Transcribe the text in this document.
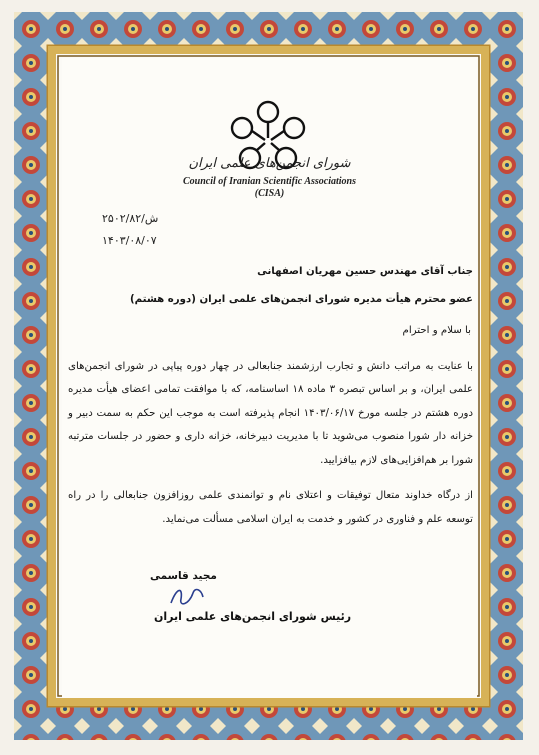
شورای انجمن‌های علمی ایران
Council of Iranian Scientific Associations
(CISA)
۲۵۰۲/ش/۸۲
۱۴۰۳/۰۸/۰۷

جناب آقای مهندس حسین مهریان اصفهانی

عضو محترم هیأت مدیره شورای انجمن‌های علمی ایران (دوره هشتم)

با سلام و احترام

با عنایت به مراتب دانش و تجارب ارزشمند جنابعالی در چهار دوره پیاپی در شورای انجمن‌های علمی ایران، و بر اساس تبصره ۳ ماده ۱۸ اساسنامه، که با موافقت تمامی اعضای هیأت مدیره دوره هشتم در جلسه مورخ ۱۴۰۳/۰۶/۱۷ انجام پذیرفته است به موجب این حکم به سمت دبیر و خزانه دار شورا منصوب می‌شوید تا با مدیریت دبیرخانه، خزانه داری و حضور در جلسات مترتبه شورا بر هم‌افزایی‌های لازم بیافزایید.

از درگاه خداوند متعال توفیقات و اعتلای نام و توانمندی علمی روزافزون جنابعالی را در راه توسعه علم و فناوری در کشور و خدمت به ایران اسلامی مسألت می‌نماید.

مجید قاسمی
رئیس شورای انجمن‌های علمی ایران
